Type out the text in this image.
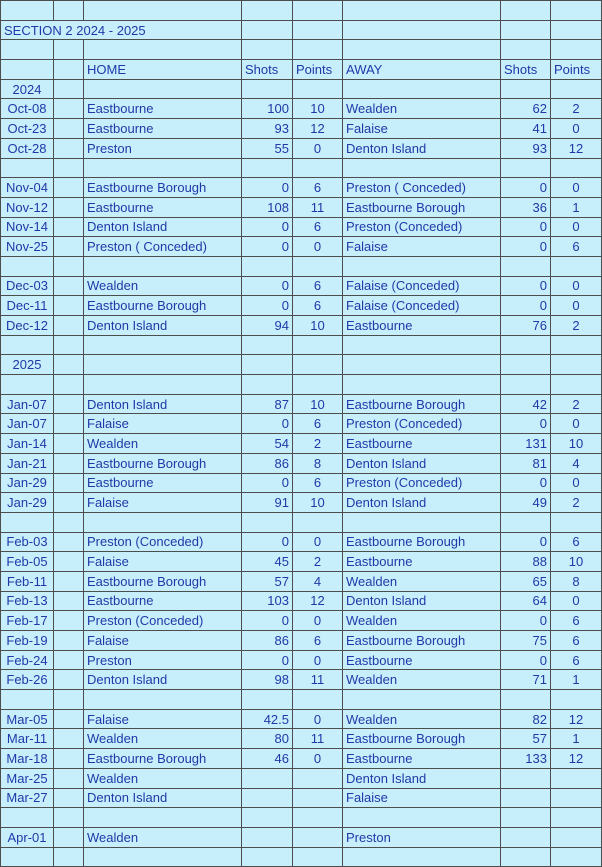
SECTION 2 2024 - 2025							

		HOME	Shots	Points	AWAY	Shots	Points
2024							
Oct-08		Eastbourne	100	10	Wealden	62	2
Oct-23		Eastbourne	93	12	Falaise	41	0
Oct-28		Preston	55	0	Denton Island	93	12

Nov-04		Eastbourne Borough	0	6	Preston ( Conceded)	0	0
Nov-12		Eastbourne	108	11	Eastbourne Borough	36	1
Nov-14		Denton Island	0	6	Preston (Conceded)	0	0
Nov-25		Preston ( Conceded)	0	0	Falaise	0	6

Dec-03		Wealden	0	6	Falaise (Conceded)	0	0
Dec-11		Eastbourne Borough	0	6	Falaise (Conceded)	0	0
Dec-12		Denton Island	94	10	Eastbourne	76	2

2025							

Jan-07		Denton Island	87	10	Eastbourne Borough	42	2
Jan-07		Falaise	0	6	Preston (Conceded)	0	0
Jan-14		Wealden	54	2	Eastbourne	131	10
Jan-21		Eastbourne Borough	86	8	Denton Island	81	4
Jan-29		Eastbourne	0	6	Preston (Conceded)	0	0
Jan-29		Falaise	91	10	Denton Island	49	2

Feb-03		Preston (Conceded)	0	0	Eastbourne Borough	0	6
Feb-05		Falaise	45	2	Eastbourne	88	10
Feb-11		Eastbourne Borough	57	4	Wealden	65	8
Feb-13		Eastbourne	103	12	Denton Island	64	0
Feb-17		Preston (Conceded)	0	0	Wealden	0	6
Feb-19		Falaise	86	6	Eastbourne Borough	75	6
Feb-24		Preston	0	0	Eastbourne	0	6
Feb-26		Denton Island	98	11	Wealden	71	1

Mar-05		Falaise	42.5	0	Wealden	82	12
Mar-11		Wealden	80	11	Eastbourne Borough	57	1
Mar-18		Eastbourne Borough	46	0	Eastbourne	133	12
Mar-25		Wealden			Denton Island		
Mar-27		Denton Island			Falaise		

Apr-01		Wealden			Preston		
